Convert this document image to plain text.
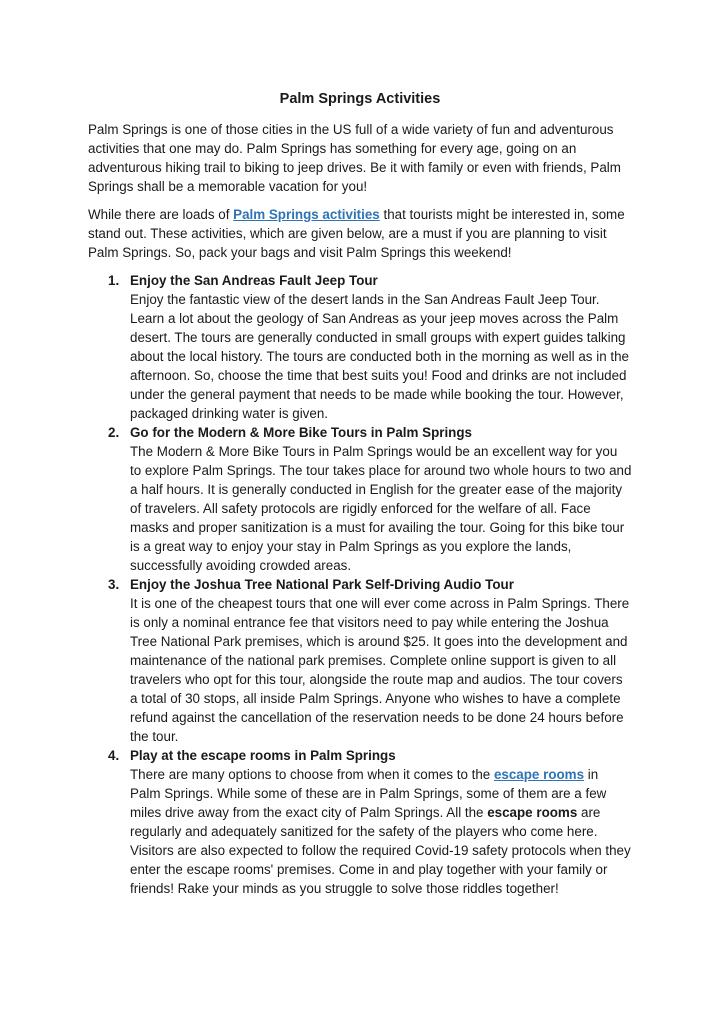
Palm Springs Activities

Palm Springs is one of those cities in the US full of a wide variety of fun and adventurous activities that one may do. Palm Springs has something for every age, going on an adventurous hiking trail to biking to jeep drives. Be it with family or even with friends, Palm Springs shall be a memorable vacation for you!

While there are loads of Palm Springs activities that tourists might be interested in, some stand out. These activities, which are given below, are a must if you are planning to visit Palm Springs. So, pack your bags and visit Palm Springs this weekend!

1. Enjoy the San Andreas Fault Jeep Tour
Enjoy the fantastic view of the desert lands in the San Andreas Fault Jeep Tour. Learn a lot about the geology of San Andreas as your jeep moves across the Palm desert. The tours are generally conducted in small groups with expert guides talking about the local history. The tours are conducted both in the morning as well as in the afternoon. So, choose the time that best suits you! Food and drinks are not included under the general payment that needs to be made while booking the tour. However, packaged drinking water is given.
2. Go for the Modern & More Bike Tours in Palm Springs
The Modern & More Bike Tours in Palm Springs would be an excellent way for you to explore Palm Springs. The tour takes place for around two whole hours to two and a half hours. It is generally conducted in English for the greater ease of the majority of travelers. All safety protocols are rigidly enforced for the welfare of all. Face masks and proper sanitization is a must for availing the tour. Going for this bike tour is a great way to enjoy your stay in Palm Springs as you explore the lands, successfully avoiding crowded areas.
3. Enjoy the Joshua Tree National Park Self-Driving Audio Tour
It is one of the cheapest tours that one will ever come across in Palm Springs. There is only a nominal entrance fee that visitors need to pay while entering the Joshua Tree National Park premises, which is around $25. It goes into the development and maintenance of the national park premises. Complete online support is given to all travelers who opt for this tour, alongside the route map and audios. The tour covers a total of 30 stops, all inside Palm Springs. Anyone who wishes to have a complete refund against the cancellation of the reservation needs to be done 24 hours before the tour.
4. Play at the escape rooms in Palm Springs
There are many options to choose from when it comes to the escape rooms in Palm Springs. While some of these are in Palm Springs, some of them are a few miles drive away from the exact city of Palm Springs. All the escape rooms are regularly and adequately sanitized for the safety of the players who come here. Visitors are also expected to follow the required Covid-19 safety protocols when they enter the escape rooms' premises. Come in and play together with your family or friends! Rake your minds as you struggle to solve those riddles together!
